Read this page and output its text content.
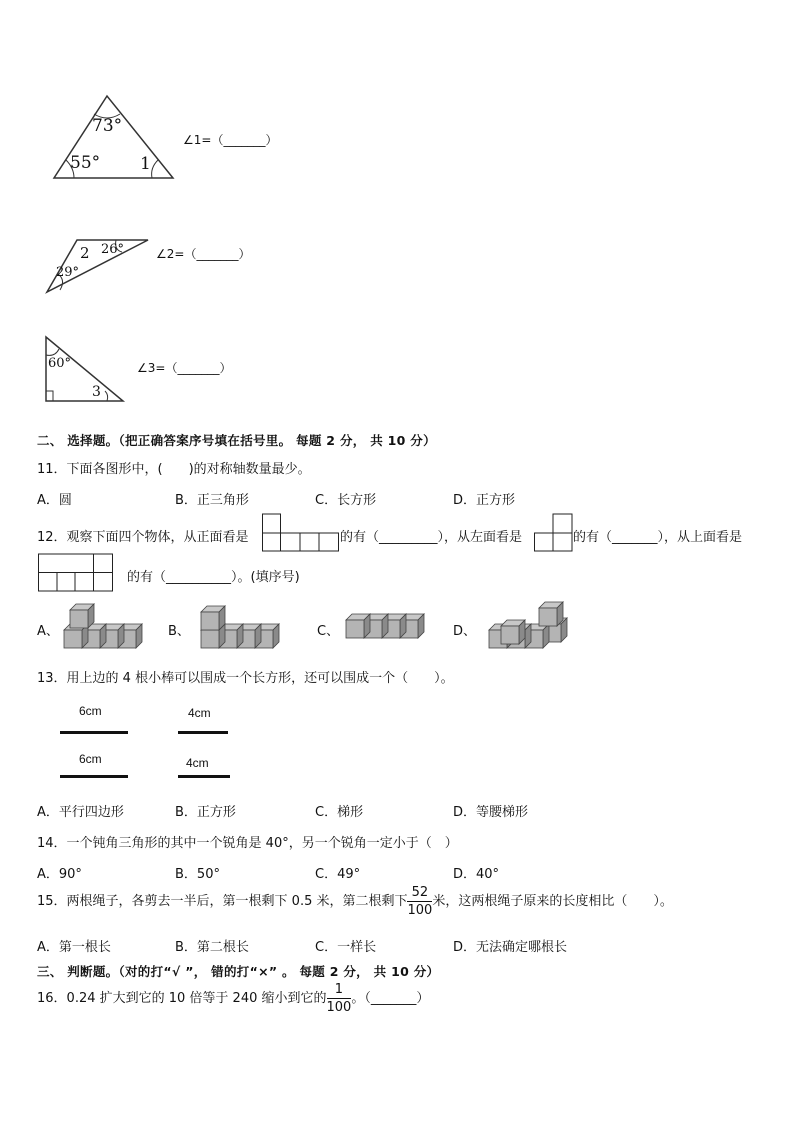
73°
55° 1
∠1=（_______）
2 26°
29°
∠2=（_______）
60°
3
∠3=（_______）
二、 选择题。（把正确答案序号填在括号里。 每题 2 分， 共 10 分）
11．下面各图形中，(　　)的对称轴数量最少。
A．圆	B．正三角形	C．长方形	D．正方形
12．观察下面四个物体，从正面看是	的有（_________），从左面看是	的有（_______），从上面看是
的有（__________）。(填序号)
A、	B、	C、	D、
13．用上边的 4 根小棒可以围成一个长方形，还可以围成一个（　　）。
6cm	4cm
6cm	4cm
A．平行四边形	B．正方形	C．梯形	D．等腰梯形
14．一个钝角三角形的其中一个锐角是 40°，另一个锐角一定小于（　）
A．90°	B．50°	C．49°	D．40°
15．两根绳子，各剪去一半后，第一根剩下 0.5 米，第二根剩下 $\frac{52}{100}$ 米，这两根绳子原来的长度相比（　　）。
A．第一根长	B．第二根长	C．一样长	D．无法确定哪根长
三、 判断题。（对的打“√ ”， 错的打“×” 。 每题 2 分， 共 10 分）
16．0.24 扩大到它的 10 倍等于 240 缩小到它的 $\frac{1}{100}$ 。（_______）
